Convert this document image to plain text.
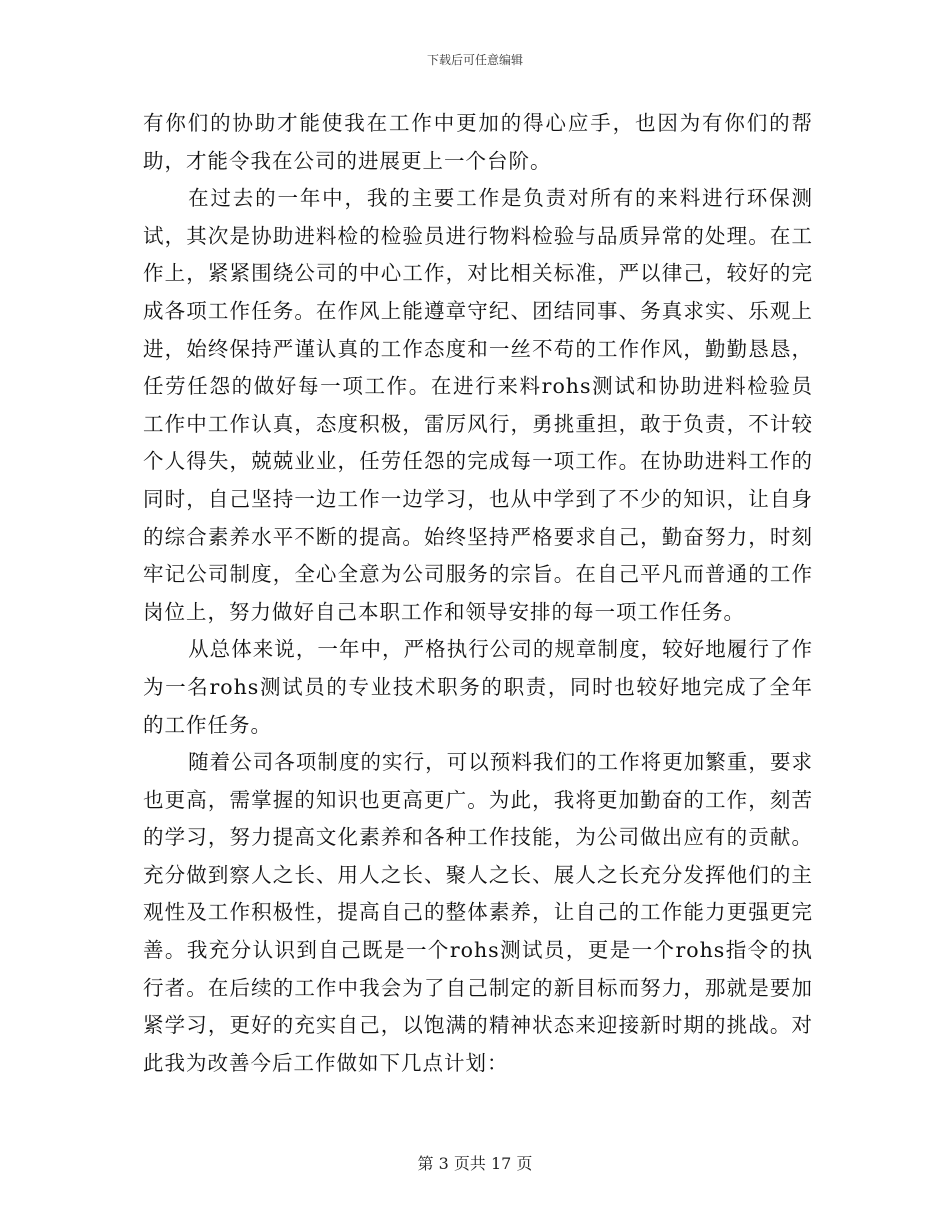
下载后可任意编辑

有你们的协助才能使我在工作中更加的得心应手，也因为有你们的帮助，才能令我在公司的进展更上一个台阶。

在过去的一年中，我的主要工作是负责对所有的来料进行环保测试，其次是协助进料检的检验员进行物料检验与品质异常的处理。在工作上，紧紧围绕公司的中心工作，对比相关标准，严以律己，较好的完成各项工作任务。在作风上能遵章守纪、团结同事、务真求实、乐观上进，始终保持严谨认真的工作态度和一丝不苟的工作作风，勤勤恳恳，任劳任怨的做好每一项工作。在进行来料rohs测试和协助进料检验员工作中工作认真，态度积极，雷厉风行，勇挑重担，敢于负责，不计较个人得失，兢兢业业，任劳任怨的完成每一项工作。在协助进料工作的同时，自己坚持一边工作一边学习，也从中学到了不少的知识，让自身的综合素养水平不断的提高。始终坚持严格要求自己，勤奋努力，时刻牢记公司制度，全心全意为公司服务的宗旨。在自己平凡而普通的工作岗位上，努力做好自己本职工作和领导安排的每一项工作任务。

从总体来说，一年中，严格执行公司的规章制度，较好地履行了作为一名rohs测试员的专业技术职务的职责，同时也较好地完成了全年的工作任务。

随着公司各项制度的实行，可以预料我们的工作将更加繁重，要求也更高，需掌握的知识也更高更广。为此，我将更加勤奋的工作，刻苦的学习，努力提高文化素养和各种工作技能，为公司做出应有的贡献。充分做到察人之长、用人之长、聚人之长、展人之长充分发挥他们的主观性及工作积极性，提高自己的整体素养，让自己的工作能力更强更完善。我充分认识到自己既是一个rohs测试员，更是一个rohs指令的执行者。在后续的工作中我会为了自己制定的新目标而努力，那就是要加紧学习，更好的充实自己，以饱满的精神状态来迎接新时期的挑战。对此我为改善今后工作做如下几点计划：

第 3 页共 17 页
